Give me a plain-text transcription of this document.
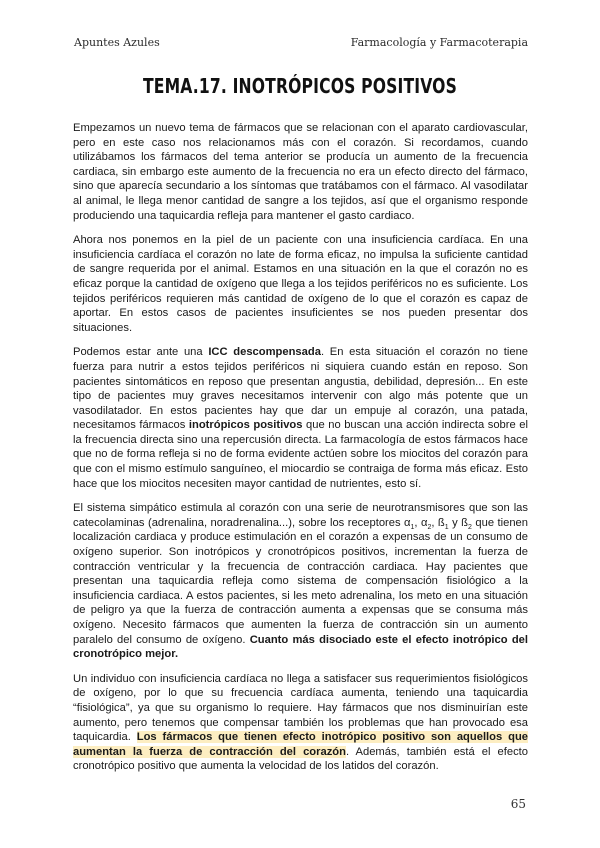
Apuntes Azules	Farmacología y Farmacoterapia
TEMA.17. INOTRÓPICOS POSITIVOS

Empezamos un nuevo tema de fármacos que se relacionan con el aparato cardiovascular, pero en este caso nos relacionamos más con el corazón. Si recordamos, cuando utilizábamos los fármacos del tema anterior se producía un aumento de la frecuencia cardiaca, sin embargo este aumento de la frecuencia no era un efecto directo del fármaco, sino que aparecía secundario a los síntomas que tratábamos con el fármaco. Al vasodilatar al animal, le llega menor cantidad de sangre a los tejidos, así que el organismo responde produciendo una taquicardia refleja para mantener el gasto cardiaco.

Ahora nos ponemos en la piel de un paciente con una insuficiencia cardíaca. En una insuficiencia cardíaca el corazón no late de forma eficaz, no impulsa la suficiente cantidad de sangre requerida por el animal. Estamos en una situación en la que el corazón no es eficaz porque la cantidad de oxígeno que llega a los tejidos periféricos no es suficiente. Los tejidos periféricos requieren más cantidad de oxígeno de lo que el corazón es capaz de aportar. En estos casos de pacientes insuficientes se nos pueden presentar dos situaciones.

Podemos estar ante una ICC descompensada. En esta situación el corazón no tiene fuerza para nutrir a estos tejidos periféricos ni siquiera cuando están en reposo. Son pacientes sintomáticos en reposo que presentan angustia, debilidad, depresión... En este tipo de pacientes muy graves necesitamos intervenir con algo más potente que un vasodilatador. En estos pacientes hay que dar un empuje al corazón, una patada, necesitamos fármacos inotrópicos positivos que no buscan una acción indirecta sobre el la frecuencia directa sino una repercusión directa. La farmacología de estos fármacos hace que no de forma refleja si no de forma evidente actúen sobre los miocitos del corazón para que con el mismo estímulo sanguíneo, el miocardio se contraiga de forma más eficaz. Esto hace que los miocitos necesiten mayor cantidad de nutrientes, esto sí.

El sistema simpático estimula al corazón con una serie de neurotransmisores que son las catecolaminas (adrenalina, noradrenalina...), sobre los receptores $\alpha_1$, $\alpha_2$, $ß_1$ y $ß_2$ que tienen localización cardiaca y produce estimulación en el corazón a expensas de un consumo de oxígeno superior. Son inotrópicos y cronotrópicos positivos, incrementan la fuerza de contracción ventricular y la frecuencia de contracción cardiaca. Hay pacientes que presentan una taquicardia refleja como sistema de compensación fisiológico a la insuficiencia cardiaca. A estos pacientes, si les meto adrenalina, los meto en una situación de peligro ya que la fuerza de contracción aumenta a expensas que se consuma más oxígeno. Necesito fármacos que aumenten la fuerza de contracción sin un aumento paralelo del consumo de oxígeno. Cuanto más disociado este el efecto inotrópico del cronotrópico mejor.

Un individuo con insuficiencia cardíaca no llega a satisfacer sus requerimientos fisiológicos de oxígeno, por lo que su frecuencia cardíaca aumenta, teniendo una taquicardia “fisiológica”, ya que su organismo lo requiere. Hay fármacos que nos disminuirían este aumento, pero tenemos que compensar también los problemas que han provocado esa taquicardia. Los fármacos que tienen efecto inotrópico positivo son aquellos que aumentan la fuerza de contracción del corazón. Además, también está el efecto cronotrópico positivo que aumenta la velocidad de los latidos del corazón.

65
